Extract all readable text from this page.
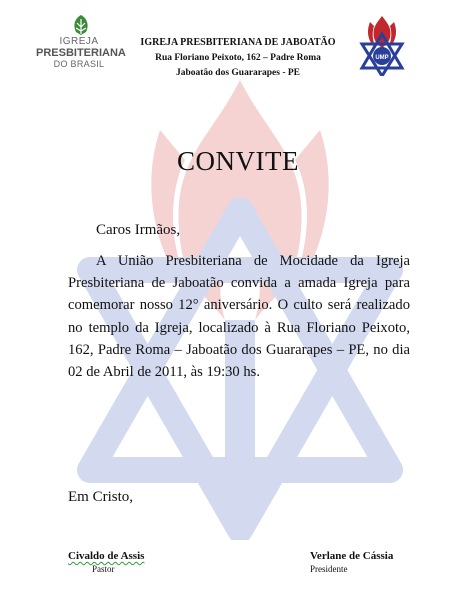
IGREJA
PRESBITERIANA
DO BRASIL
IGREJA PRESBITERIANA DE JABOATÃO
Rua Floriano Peixoto, 162 – Padre Roma
Jaboatão dos Guararapes - PE
UMP
CONVITE
Caros Irmãos,
A União Presbiteriana de Mocidade da Igreja Presbiteriana de Jaboatão convida a amada Igreja para comemorar nosso 12° aniversário. O culto será realizado no templo da Igreja, localizado à Rua Floriano Peixoto, 162, Padre Roma – Jaboatão dos Guararapes – PE, no dia 02 de Abril de 2011, às 19:30 hs.
Em Cristo,
Civaldo de Assis
Pastor
Verlane de Cássia
Presidente
